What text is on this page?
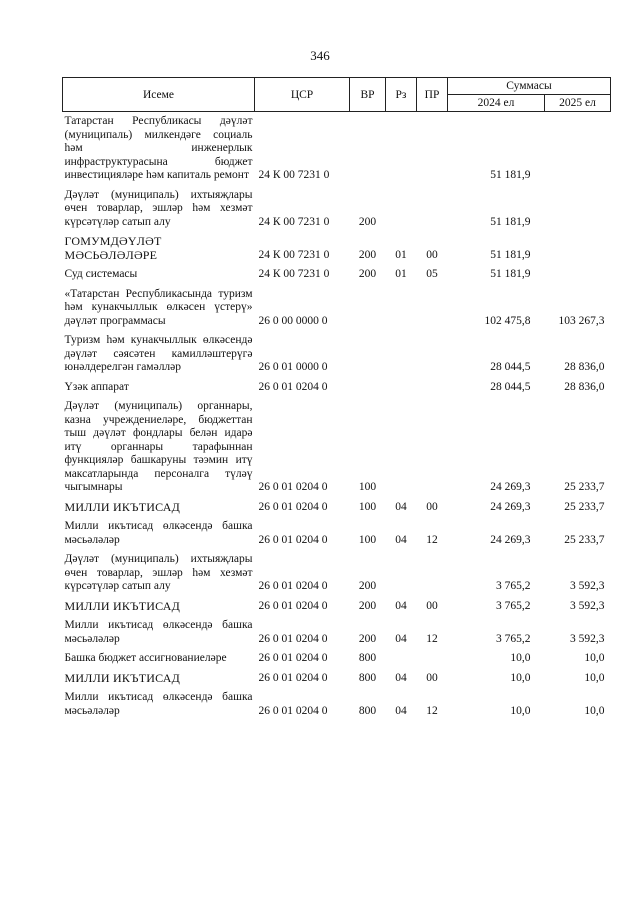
346
Исеме	ЦСР	ВР	Рз	ПР	Суммасы	
					2024 ел	2025 ел
Татарстан Республикасы дәүләт (муниципаль) милкендәге социаль һәм инженерлык инфраструктурасына бюджет инвестицияләре һәм капиталь ремонт	24 К 00 7231 0				51 181,9	
Дәүләт (муниципаль) ихтыяҗлары өчен товарлар, эшләр һәм хезмәт күрсәтүләр сатып алу	24 К 00 7231 0	200			51 181,9	
ГОМУМДӘҮЛӘТ МӘСЬӘЛӘЛӘРЕ	24 К 00 7231 0	200	01	00	51 181,9	
Суд системасы	24 К 00 7231 0	200	01	05	51 181,9	
«Татарстан Республикасында туризм һәм кунакчыллык өлкәсен үстерү» дәүләт программасы	26 0 00 0000 0				102 475,8	103 267,3
Туризм һәм кунакчыллык өлкәсендә дәүләт сәясәтен камилләштерүгә юнәлдерелгән гамәлләр	26 0 01 0000 0				28 044,5	28 836,0
Үзәк аппарат	26 0 01 0204 0				28 044,5	28 836,0
Дәүләт (муниципаль) органнары, казна учреждениеләре, бюджеттан тыш дәүләт фондлары белән идарә итү органнары тарафыннан функцияләр башкаруны тәэмин итү максатларында персоналга түләү чыгымнары	26 0 01 0204 0	100			24 269,3	25 233,7
МИЛЛИ ИКЪТИСАД	26 0 01 0204 0	100	04	00	24 269,3	25 233,7
Милли икътисад өлкәсендә башка мәсьәләләр	26 0 01 0204 0	100	04	12	24 269,3	25 233,7
Дәүләт (муниципаль) ихтыяҗлары өчен товарлар, эшләр һәм хезмәт күрсәтүләр сатып алу	26 0 01 0204 0	200			3 765,2	3 592,3
МИЛЛИ ИКЪТИСАД	26 0 01 0204 0	200	04	00	3 765,2	3 592,3
Милли икътисад өлкәсендә башка мәсьәләләр	26 0 01 0204 0	200	04	12	3 765,2	3 592,3
Башка бюджет ассигнованиеләре	26 0 01 0204 0	800			10,0	10,0
МИЛЛИ ИКЪТИСАД	26 0 01 0204 0	800	04	00	10,0	10,0
Милли икътисад өлкәсендә башка мәсьәләләр	26 0 01 0204 0	800	04	12	10,0	10,0
